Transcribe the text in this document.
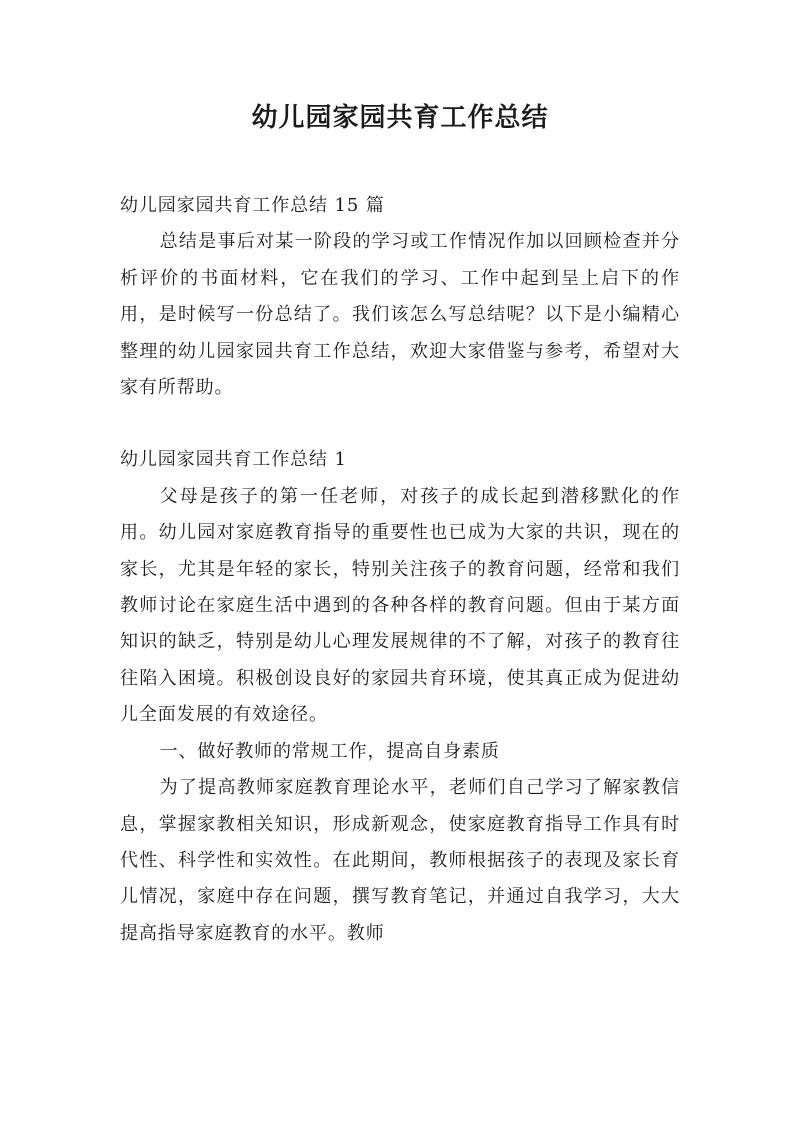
幼儿园家园共育工作总结

幼儿园家园共育工作总结 15 篇

总结是事后对某一阶段的学习或工作情况作加以回顾检查并分析评价的书面材料，它在我们的学习、工作中起到呈上启下的作用，是时候写一份总结了。我们该怎么写总结呢？以下是小编精心整理的幼儿园家园共育工作总结，欢迎大家借鉴与参考，希望对大家有所帮助。

幼儿园家园共育工作总结 1

父母是孩子的第一任老师，对孩子的成长起到潜移默化的作用。幼儿园对家庭教育指导的重要性也已成为大家的共识，现在的家长，尤其是年轻的家长，特别关注孩子的教育问题，经常和我们教师讨论在家庭生活中遇到的各种各样的教育问题。但由于某方面知识的缺乏，特别是幼儿心理发展规律的不了解，对孩子的教育往往陷入困境。积极创设良好的家园共育环境，使其真正成为促进幼儿全面发展的有效途径。

一、做好教师的常规工作，提高自身素质

为了提高教师家庭教育理论水平，老师们自己学习了解家教信息，掌握家教相关知识，形成新观念，使家庭教育指导工作具有时代性、科学性和实效性。在此期间，教师根据孩子的表现及家长育儿情况，家庭中存在问题，撰写教育笔记，并通过自我学习，大大提高指导家庭教育的水平。教师
